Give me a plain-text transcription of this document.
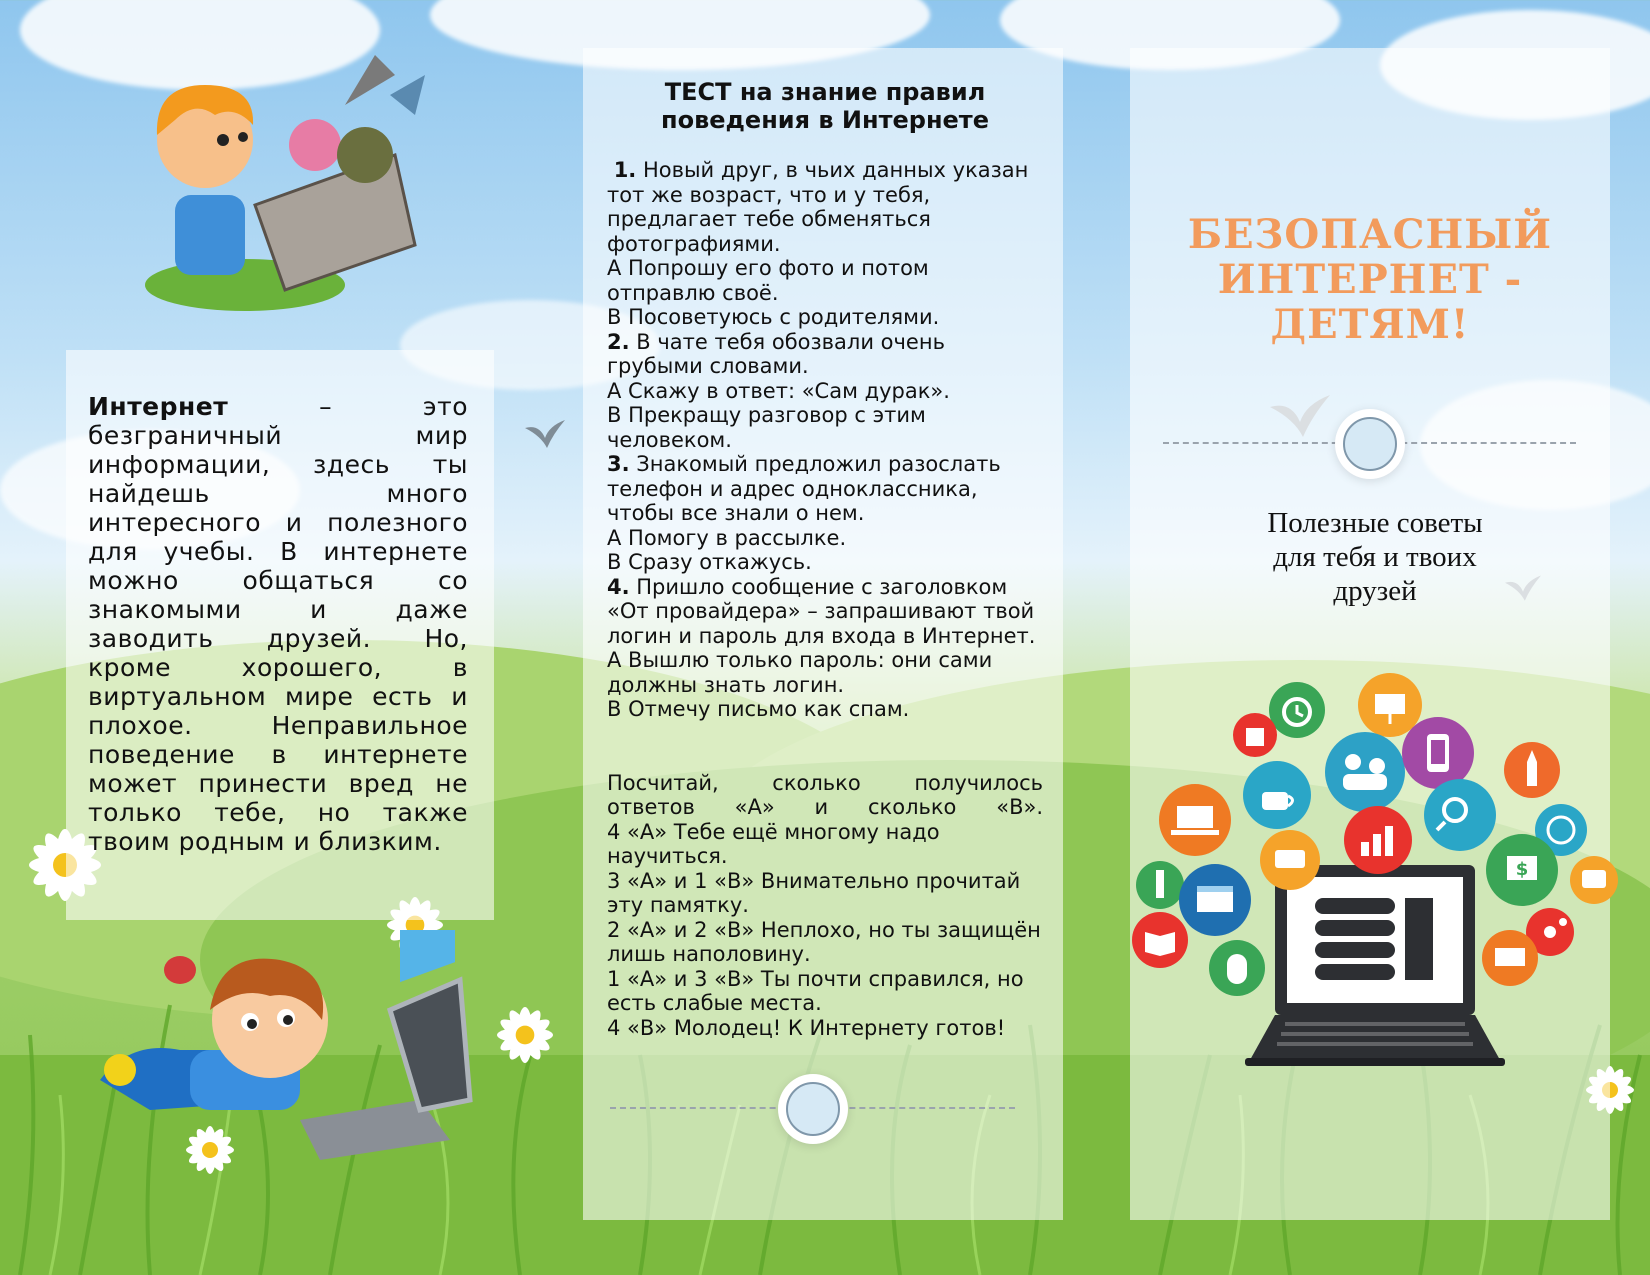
Интернет – это безграничный мир информации, здесь ты найдешь много интересного и полезного для учебы. В интернете можно общаться со знакомыми и даже заводить друзей. Но, кроме хорошего, в виртуальном мире есть и плохое. Неправильное поведение в интернете может принести вред не только тебе, но также твоим родным и близким.
ТЕСТ на знание правил
поведения в Интернете

1. Новый друг, в чьих данных указан тот же возраст, что и у тебя, предлагает тебе обменяться фотографиями.

А Попрошу его фото и потом отправлю своё.

В Посоветуюсь с родителями.

2. В чате тебя обозвали очень грубыми словами.

А Скажу в ответ: «Сам дурак».

В Прекращу разговор с этим человеком.

3. Знакомый предложил разослать телефон и адрес одноклассника, чтобы все знали о нем.

А Помогу в рассылке.

В Сразу откажусь.

4. Пришло сообщение с заголовком «От провайдера» – запрашивают твой логин и пароль для входа в Интернет.

А Вышлю только пароль: они сами должны знать логин.

В Отмечу письмо как спам.

Посчитай, сколько получилось ответов «А» и сколько «В».

4 «А» Тебе ещё многому надо научиться.

3 «А» и 1 «В» Внимательно прочитай эту памятку.

2 «А» и 2 «В» Неплохо, но ты защищён лишь наполовину.

1 «А» и 3 «В» Ты почти справился, но есть слабые места.

4 «В» Молодец! К Интернету готов!

БЕЗОПАСНЫЙ
ИНТЕРНЕТ -
ДЕТЯМ!
Полезные советы
для тебя и твоих
друзей
$
